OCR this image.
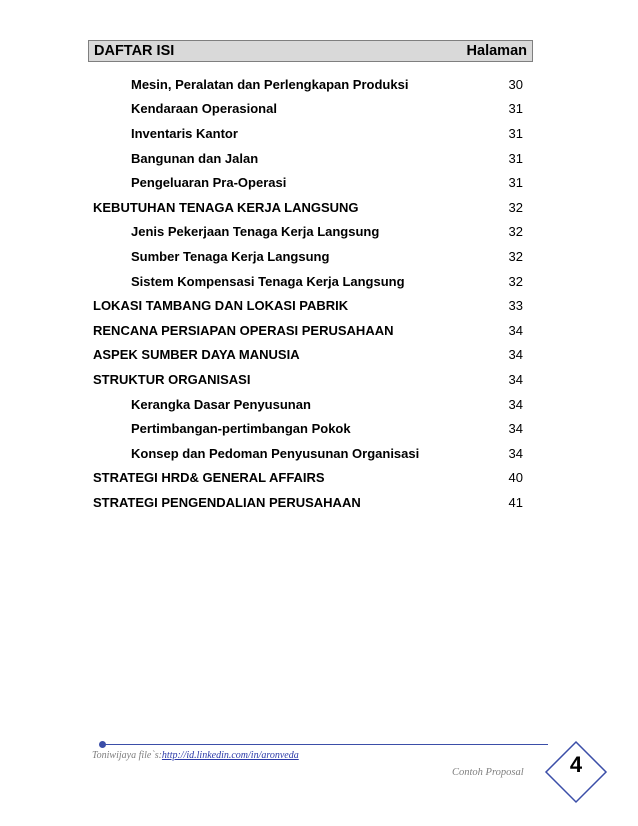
DAFTAR ISI	Halaman
Mesin, Peralatan dan Perlengkapan Produksi	30
Kendaraan Operasional	31
Inventaris Kantor	31
Bangunan dan Jalan	31
Pengeluaran Pra-Operasi	31
KEBUTUHAN TENAGA KERJA LANGSUNG	32
Jenis Pekerjaan Tenaga Kerja Langsung	32
Sumber Tenaga Kerja Langsung	32
Sistem Kompensasi Tenaga Kerja Langsung	32
LOKASI TAMBANG DAN LOKASI PABRIK	33
RENCANA PERSIAPAN OPERASI PERUSAHAAN	34
ASPEK SUMBER DAYA MANUSIA	34
STRUKTUR ORGANISASI	34
Kerangka Dasar Penyusunan	34
Pertimbangan-pertimbangan Pokok	34
Konsep dan Pedoman Penyusunan Organisasi	34
STRATEGI HRD& GENERAL AFFAIRS	40
STRATEGI PENGENDALIAN PERUSAHAAN	41
Toniwijaya file`s:http://id.linkedin.com/in/aronveda
Contoh Proposal	4
